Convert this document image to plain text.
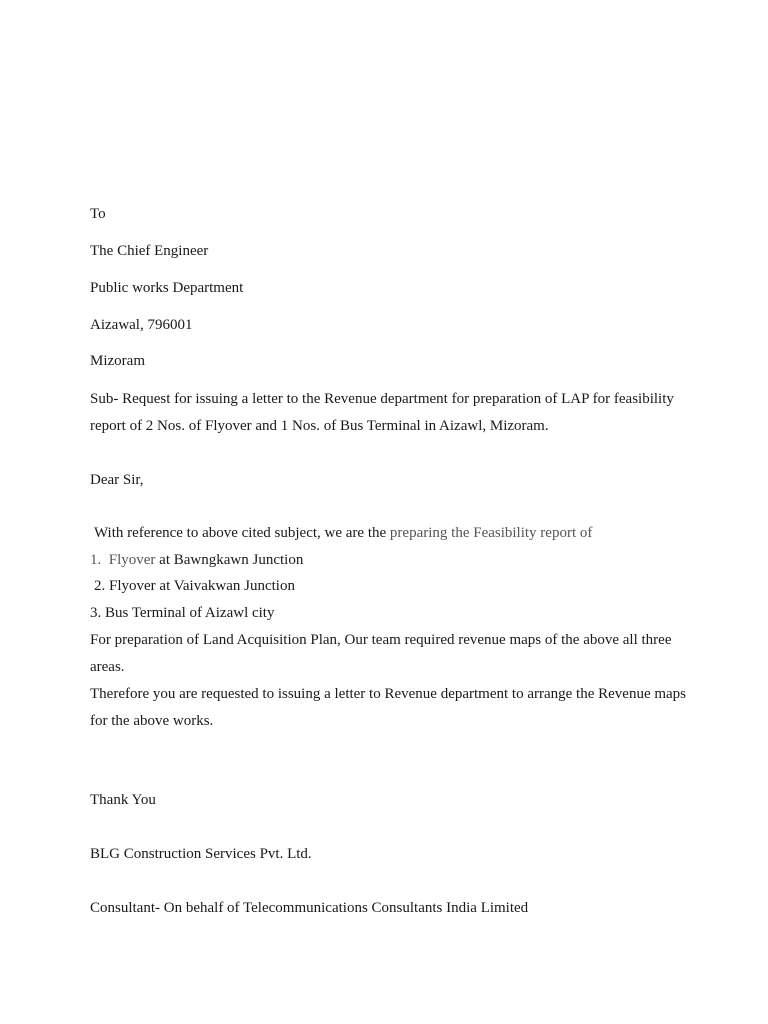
To
The Chief Engineer
Public works Department
Aizawal, 796001
Mizoram
Sub- Request for issuing a letter to the Revenue department for preparation of LAP for feasibility
report of 2 Nos. of Flyover and 1 Nos. of Bus Terminal in Aizawl, Mizoram.
Dear Sir,
With reference to above cited subject, we are the preparing the Feasibility report of
1. Flyover at Bawngkawn Junction
2. Flyover at Vaivakwan Junction
3. Bus Terminal of Aizawl city
For preparation of Land Acquisition Plan, Our team required revenue maps of the above all three
areas.
Therefore you are requested to issuing a letter to Revenue department to arrange the Revenue maps
for the above works.
Thank You
BLG Construction Services Pvt. Ltd.
Consultant- On behalf of Telecommunications Consultants India Limited
